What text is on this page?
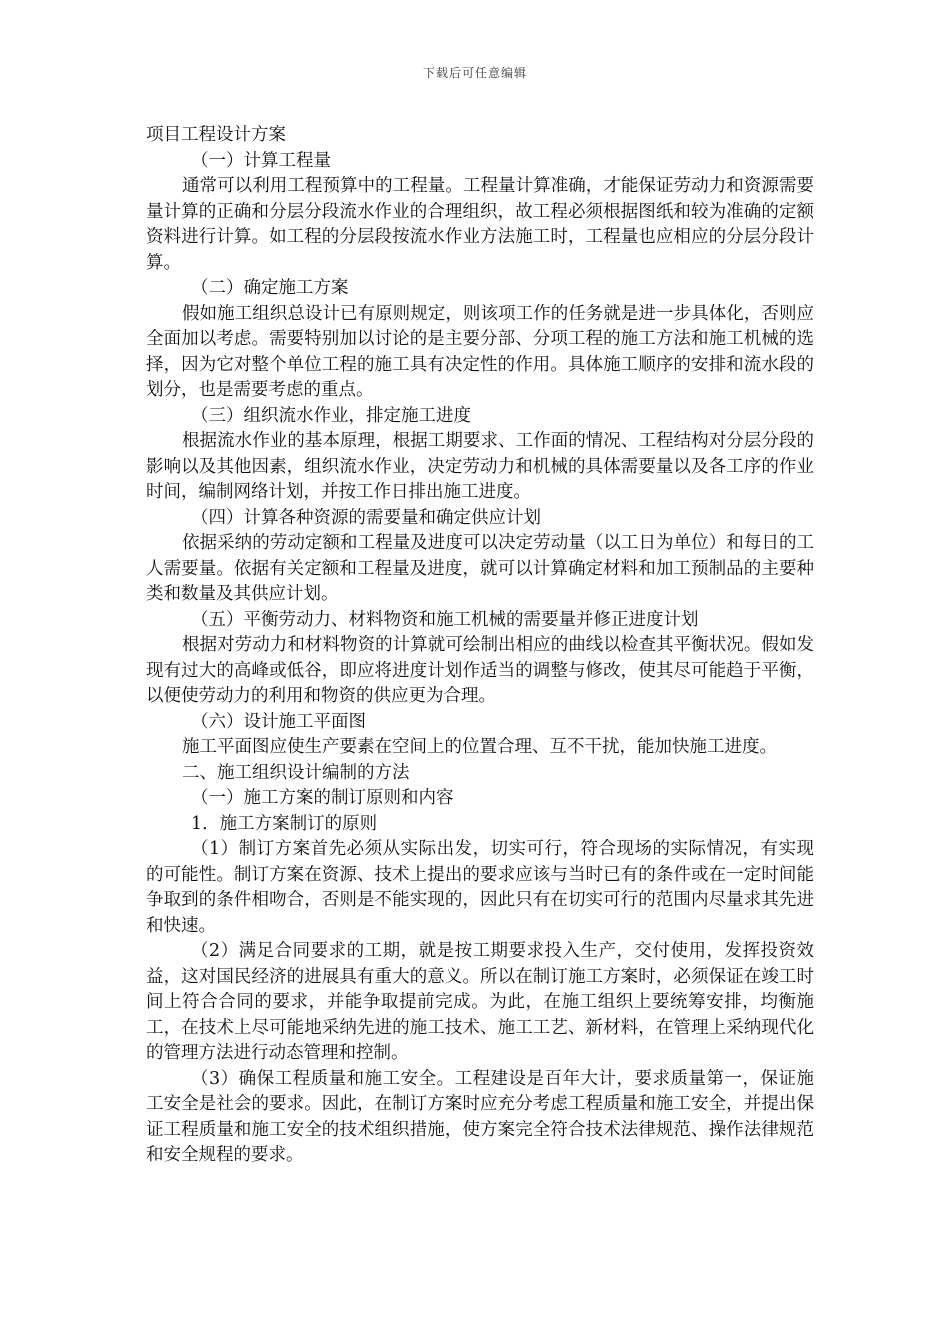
下载后可任意编辑

项目工程设计方案

（一）计算工程量

通常可以利用工程预算中的工程量。工程量计算准确，才能保证劳动力和资源需要量计算的正确和分层分段流水作业的合理组织，故工程必须根据图纸和较为准确的定额资料进行计算。如工程的分层段按流水作业方法施工时，工程量也应相应的分层分段计算。

（二）确定施工方案

假如施工组织总设计已有原则规定，则该项工作的任务就是进一步具体化，否则应全面加以考虑。需要特别加以讨论的是主要分部、分项工程的施工方法和施工机械的选择，因为它对整个单位工程的施工具有决定性的作用。具体施工顺序的安排和流水段的划分，也是需要考虑的重点。

（三）组织流水作业，排定施工进度

根据流水作业的基本原理，根据工期要求、工作面的情况、工程结构对分层分段的影响以及其他因素，组织流水作业，决定劳动力和机械的具体需要量以及各工序的作业时间，编制网络计划，并按工作日排出施工进度。

（四）计算各种资源的需要量和确定供应计划

依据采纳的劳动定额和工程量及进度可以决定劳动量（以工日为单位）和每日的工人需要量。依据有关定额和工程量及进度，就可以计算确定材料和加工预制品的主要种类和数量及其供应计划。

（五）平衡劳动力、材料物资和施工机械的需要量并修正进度计划

根据对劳动力和材料物资的计算就可绘制出相应的曲线以检查其平衡状况。假如发现有过大的高峰或低谷，即应将进度计划作适当的调整与修改，使其尽可能趋于平衡，以便使劳动力的利用和物资的供应更为合理。

（六）设计施工平面图

施工平面图应使生产要素在空间上的位置合理、互不干扰，能加快施工进度。

二、施工组织设计编制的方法

（一）施工方案的制订原则和内容

1．施工方案制订的原则

（1）制订方案首先必须从实际出发，切实可行，符合现场的实际情况，有实现的可能性。制订方案在资源、技术上提出的要求应该与当时已有的条件或在一定时间能争取到的条件相吻合，否则是不能实现的，因此只有在切实可行的范围内尽量求其先进和快速。

（2）满足合同要求的工期，就是按工期要求投入生产，交付使用，发挥投资效益，这对国民经济的进展具有重大的意义。所以在制订施工方案时，必须保证在竣工时间上符合合同的要求，并能争取提前完成。为此，在施工组织上要统筹安排，均衡施工，在技术上尽可能地采纳先进的施工技术、施工工艺、新材料，在管理上采纳现代化的管理方法进行动态管理和控制。

（3）确保工程质量和施工安全。工程建设是百年大计，要求质量第一，保证施工安全是社会的要求。因此，在制订方案时应充分考虑工程质量和施工安全，并提出保证工程质量和施工安全的技术组织措施，使方案完全符合技术法律规范、操作法律规范和安全规程的要求。
